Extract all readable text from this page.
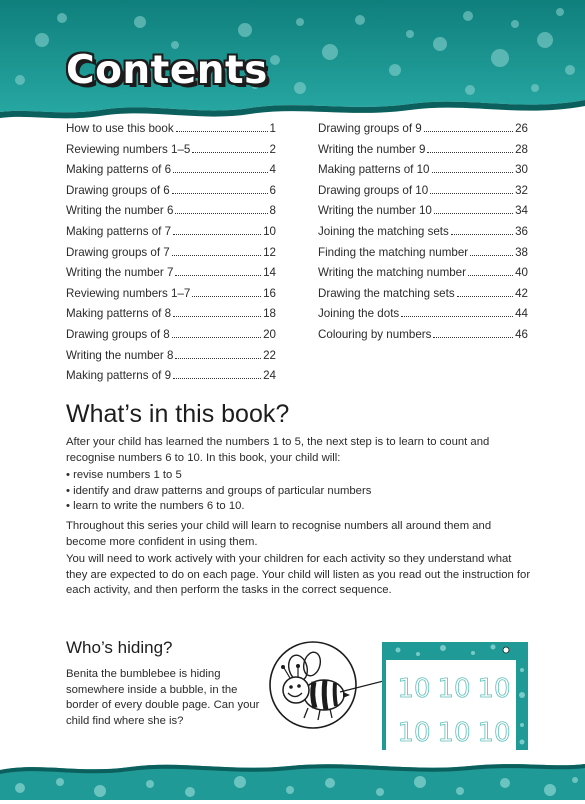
Contents
How to use this book	1
Reviewing numbers 1–5	2
Making patterns of 6	4
Drawing groups of 6	6
Writing the number 6	8
Making patterns of 7	10
Drawing groups of 7	12
Writing the number 7	14
Reviewing numbers 1–7	16
Making patterns of 8	18
Drawing groups of 8	20
Writing the number 8	22
Making patterns of 9	24
Drawing groups of 9	26
Writing the number 9	28
Making patterns of 10	30
Drawing groups of 10	32
Writing the number 10	34
Joining the matching sets	36
Finding the matching number	38
Writing the matching number	40
Drawing the matching sets	42
Joining the dots	44
Colouring by numbers	46
What’s in this book?

After your child has learned the numbers 1 to 5, the next step is to learn to count and recognise numbers 6 to 10. In this book, your child will:

• revise numbers 1 to 5
• identify and draw patterns and groups of particular numbers
• learn to write the numbers 6 to 10.

Throughout this series your child will learn to recognise numbers all around them and become more confident in using them.

You will need to work actively with your children for each activity so they understand what they are expected to do on each page. Your child will listen as you read out the instruction for each activity, and then perform the tasks in the correct sequence.

Who’s hiding?

Benita the bumblebee is hiding somewhere inside a bubble, in the border of every double page. Can your child find where she is?

10 10 10
10 10 10
